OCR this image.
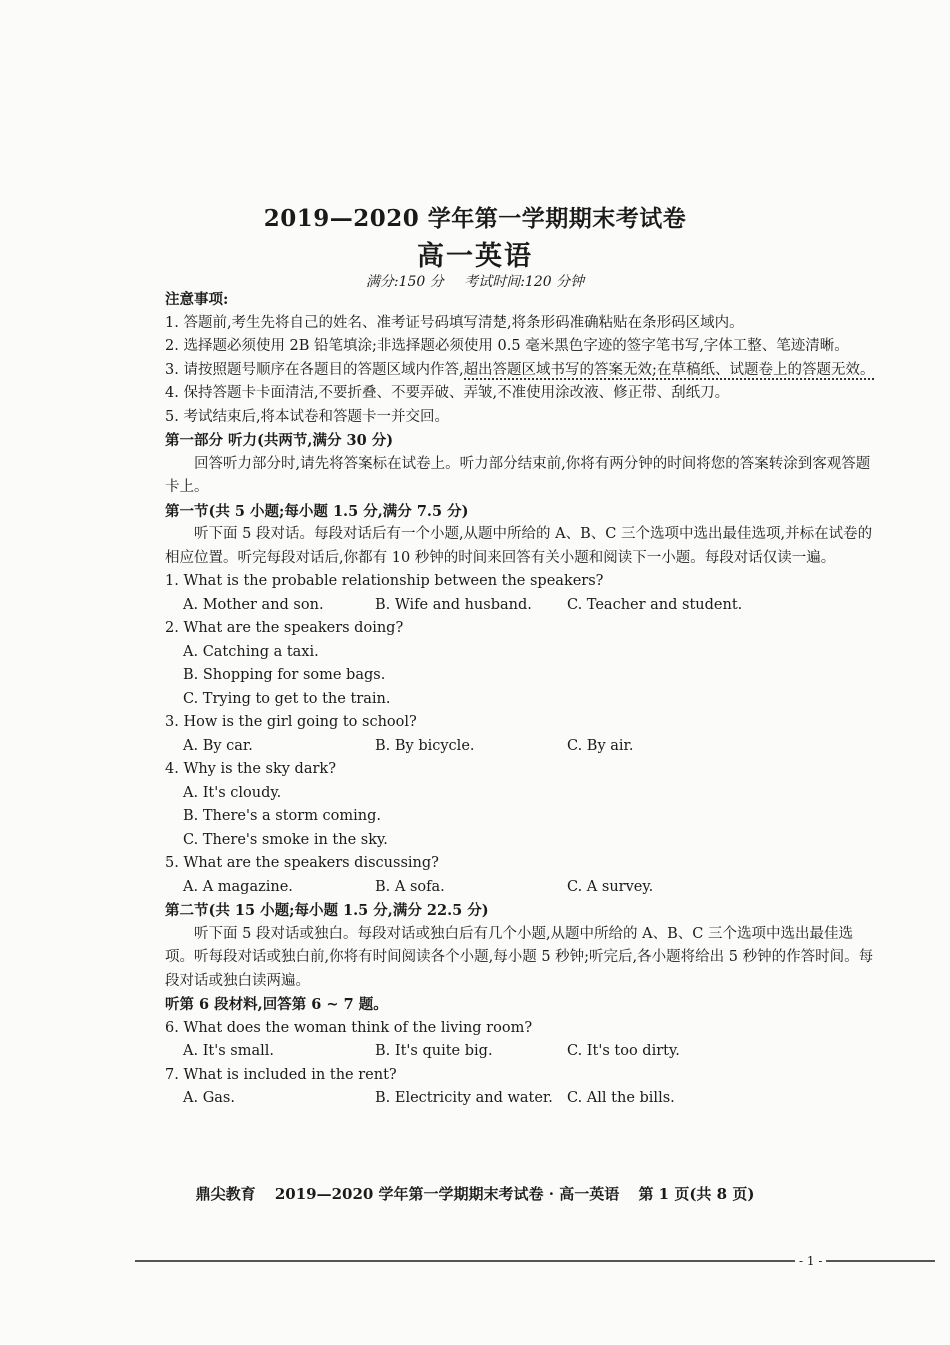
2019—2020 学年第一学期期末考试卷
高一英语
满分:150 分 考试时间:120 分钟

注意事项:

1. 答题前,考生先将自己的姓名、准考证号码填写清楚,将条形码准确粘贴在条形码区域内。

2. 选择题必须使用 2B 铅笔填涂;非选择题必须使用 0.5 毫米黑色字迹的签字笔书写,字体工整、笔迹清晰。

3. 请按照题号顺序在各题目的答题区域内作答,超出答题区域书写的答案无效;在草稿纸、试题卷上的答题无效。

4. 保持答题卡卡面清洁,不要折叠、不要弄破、弄皱,不准使用涂改液、修正带、刮纸刀。

5. 考试结束后,将本试卷和答题卡一并交回。

第一部分 听力(共两节,满分 30 分)

回答听力部分时,请先将答案标在试卷上。听力部分结束前,你将有两分钟的时间将您的答案转涂到客观答题卡上。

第一节(共 5 小题;每小题 1.5 分,满分 7.5 分)

听下面 5 段对话。每段对话后有一个小题,从题中所给的 A、B、C 三个选项中选出最佳选项,并标在试卷的相应位置。听完每段对话后,你都有 10 秒钟的时间来回答有关小题和阅读下一小题。每段对话仅读一遍。

1. What is the probable relationship between the speakers?

A. Mother and son.	B. Wife and husband. C. Teacher and student.

2. What are the speakers doing?

A. Catching a taxi.

B. Shopping for some bags.

C. Trying to get to the train.

3. How is the girl going to school?

A. By car.	B. By bicycle.	C. By air.

4. Why is the sky dark?

A. It's cloudy.

B. There's a storm coming.

C. There's smoke in the sky.

5. What are the speakers discussing?

A. A magazine.	B. A sofa.	C. A survey.

第二节(共 15 小题;每小题 1.5 分,满分 22.5 分)

听下面 5 段对话或独白。每段对话或独白后有几个小题,从题中所给的 A、B、C 三个选项中选出最佳选项。听每段对话或独白前,你将有时间阅读各个小题,每小题 5 秒钟;听完后,各小题将给出 5 秒钟的作答时间。每段对话或独白读两遍。

听第 6 段材料,回答第 6 ~ 7 题。

6. What does the woman think of the living room?

A. It's small.	B. It's quite big.	C. It's too dirty.

7. What is included in the rent?

A. Gas.	B. Electricity and water. C. All the bills.
鼎尖教育 2019—2020 学年第一学期期末考试卷 · 高一英语 第 1 页(共 8 页)
- 1 -
